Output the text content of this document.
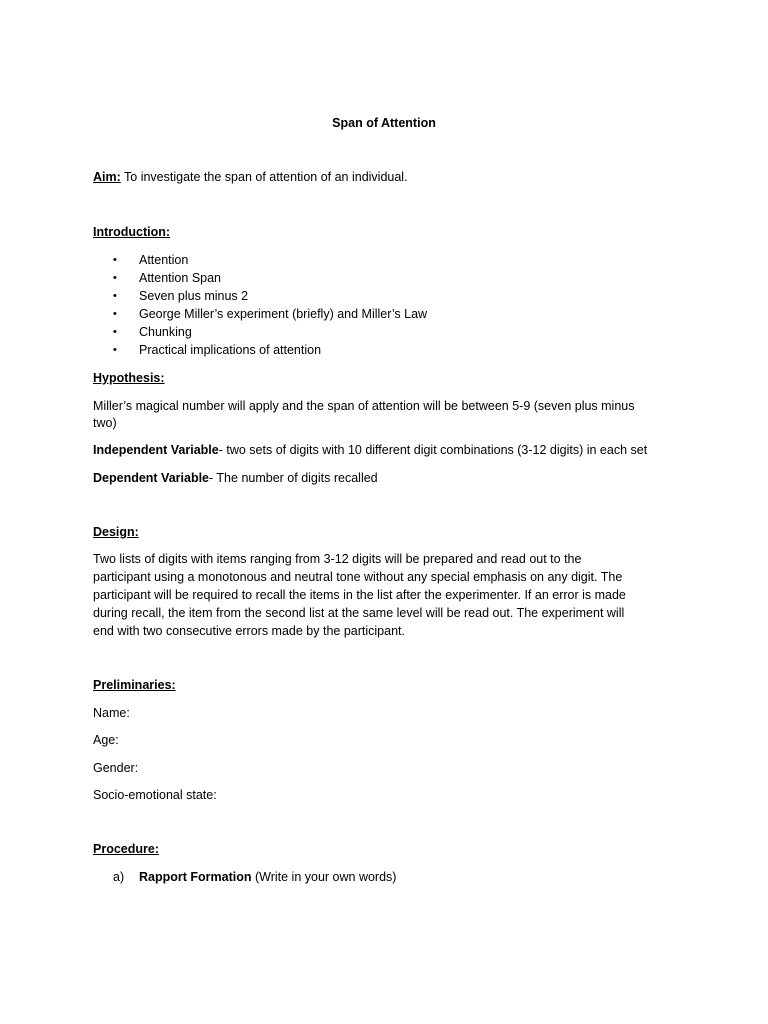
Span of Attention
Aim: To investigate the span of attention of an individual.
Introduction:
•	Attention
•	Attention Span
•	Seven plus minus 2
•	George Miller’s experiment (briefly) and Miller’s Law
•	Chunking
•	Practical implications of attention
Hypothesis:
Miller’s magical number will apply and the span of attention will be between 5-9 (seven plus minus
two)
Independent Variable- two sets of digits with 10 different digit combinations (3-12 digits) in each set
Dependent Variable- The number of digits recalled
Design:
Two lists of digits with items ranging from 3-12 digits will be prepared and read out to the
participant using a monotonous and neutral tone without any special emphasis on any digit. The
participant will be required to recall the items in the list after the experimenter. If an error is made
during recall, the item from the second list at the same level will be read out. The experiment will
end with two consecutive errors made by the participant.
Preliminaries:
Name:
Age:
Gender:
Socio-emotional state:
Procedure:
a) Rapport Formation (Write in your own words)
